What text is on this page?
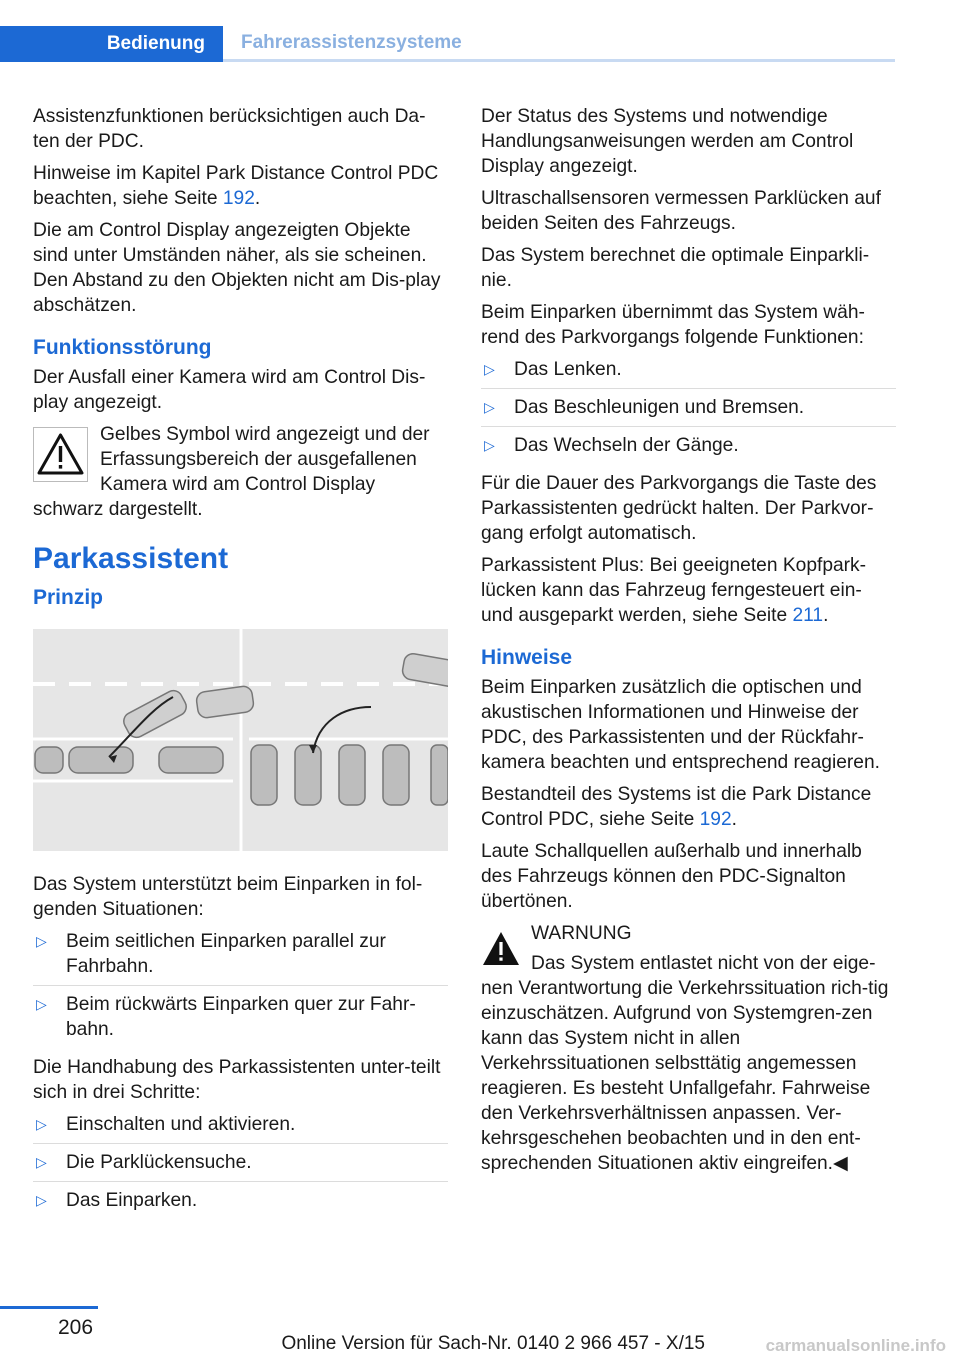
Bedienung	Fahrerassistenzsysteme

Assistenzfunktionen berücksichtigen auch Da-ten der PDC.

Hinweise im Kapitel Park Distance Control PDC beachten, siehe Seite 192.

Die am Control Display angezeigten Objekte sind unter Umständen näher, als sie scheinen. Den Abstand zu den Objekten nicht am Dis-play abschätzen.

Funktionsstörung

Der Ausfall einer Kamera wird am Control Dis-play angezeigt.

Gelbes Symbol wird angezeigt und der Erfassungsbereich der ausgefallenen Kamera wird am Control Display
schwarz dargestellt.
Parkassistent
Prinzip

Das System unterstützt beim Einparken in fol-genden Situationen:

▷ Beim seitlichen Einparken parallel zur Fahrbahn.
▷ Beim rückwärts Einparken quer zur Fahr-bahn.

Die Handhabung des Parkassistenten unter-teilt sich in drei Schritte:

▷ Einschalten und aktivieren.
▷ Die Parklückensuche.
▷ Das Einparken.

Der Status des Systems und notwendige Handlungsanweisungen werden am Control Display angezeigt.

Ultraschallsensoren vermessen Parklücken auf beiden Seiten des Fahrzeugs.

Das System berechnet die optimale Einparkli-nie.

Beim Einparken übernimmt das System wäh-rend des Parkvorgangs folgende Funktionen:

▷ Das Lenken.
▷ Das Beschleunigen und Bremsen.
▷ Das Wechseln der Gänge.

Für die Dauer des Parkvorgangs die Taste des Parkassistenten gedrückt halten. Der Parkvor-gang erfolgt automatisch.

Parkassistent Plus: Bei geeigneten Kopfpark-lücken kann das Fahrzeug ferngesteuert ein- und ausgeparkt werden, siehe Seite 211.

Hinweise

Beim Einparken zusätzlich die optischen und akustischen Informationen und Hinweise der PDC, des Parkassistenten und der Rückfahr-kamera beachten und entsprechend reagieren.

Bestandteil des Systems ist die Park Distance Control PDC, siehe Seite 192.

Laute Schallquellen außerhalb und innerhalb des Fahrzeugs können den PDC-Signalton übertönen.

WARNUNG
Das System entlastet nicht von der eige-
nen Verantwortung die Verkehrssituation rich-tig einzuschätzen. Aufgrund von Systemgren-zen kann das System nicht in allen Verkehrssituationen selbsttätig angemessen reagieren. Es besteht Unfallgefahr. Fahrweise den Verkehrsverhältnissen anpassen. Ver-kehrsgeschehen beobachten und in den ent-sprechenden Situationen aktiv eingreifen.◀
206
Online Version für Sach-Nr. 0140 2 966 457 - X/15	carmanualsonline.info
